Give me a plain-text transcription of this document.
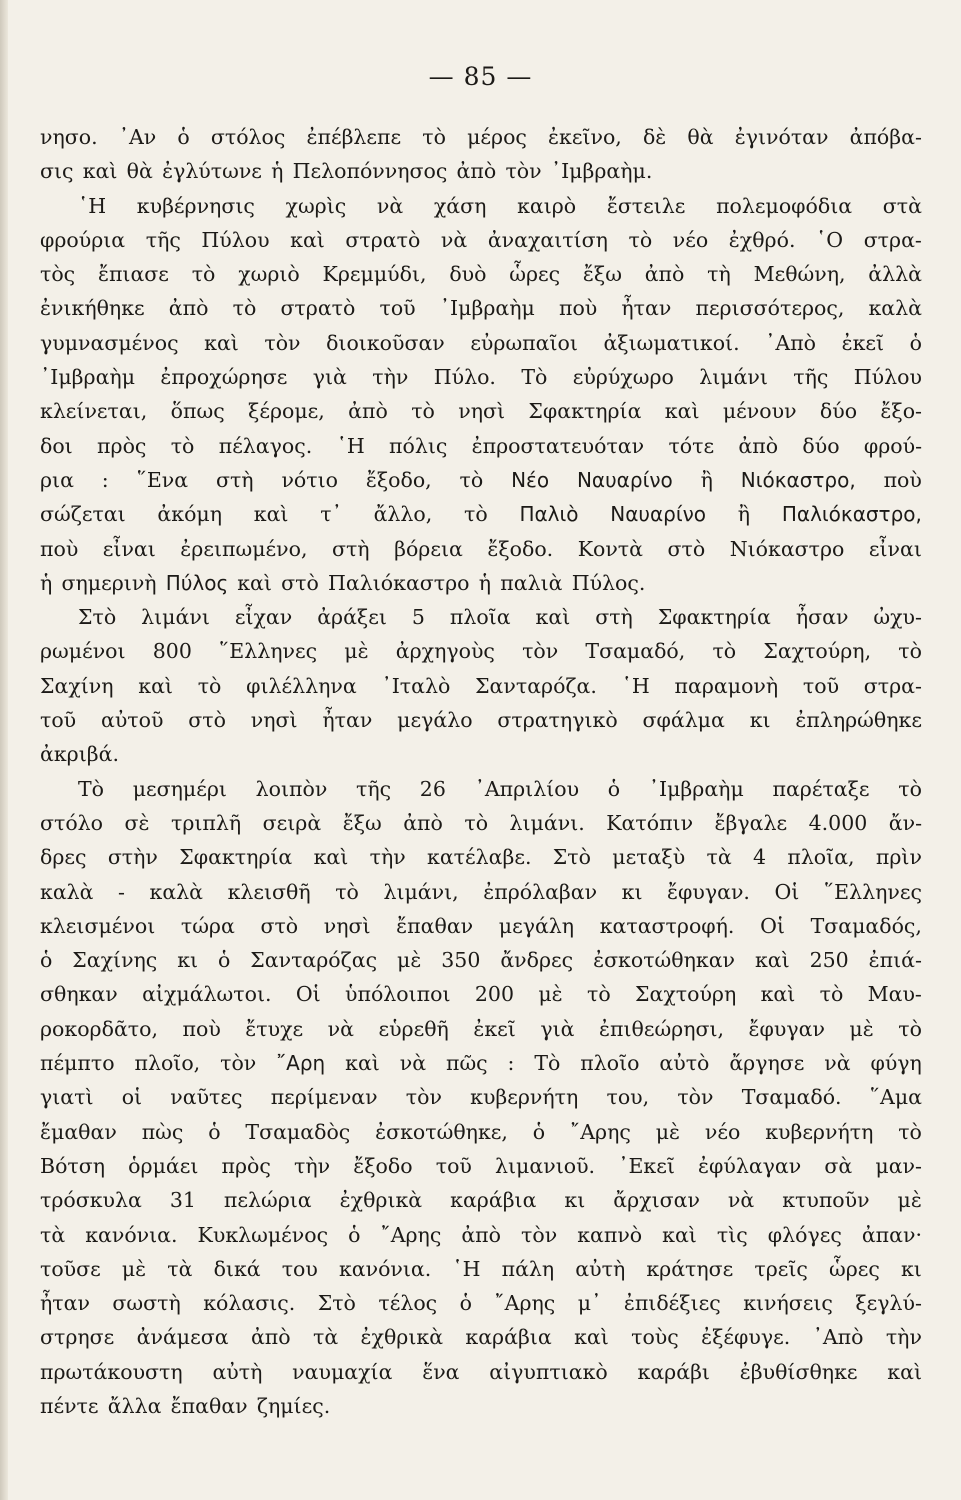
— 85 —

νησο. ᾿Αν ὁ στόλος ἐπέβλεπε τὸ μέρος ἐκεῖνο, δὲ θὰ ἐγινόταν ἀπόβα-

σις καὶ θὰ ἐγλύτωνε ἡ Πελοπόννησος ἀπὸ τὸν ᾿Ιμβραὴμ.

῾Η κυβέρνησις χωρὶς νὰ χάση καιρὸ ἔστειλε πολεμοφόδια στὰ

φρούρια τῆς Πύλου καὶ στρατὸ νὰ ἀναχαιτίση τὸ νέο ἐχθρό. ῾Ο στρα-

τὸς ἔπιασε τὸ χωριὸ Κρεμμύδι, δυὸ ὧρες ἔξω ἀπὸ τὴ Μεθώνη, ἀλλὰ

ἐνικήθηκε ἀπὸ τὸ στρατὸ τοῦ ᾿Ιμβραὴμ ποὺ ἦταν περισσότερος, καλὰ

γυμνασμένος καὶ τὸν διοικοῦσαν εὐρωπαῖοι ἀξιωματικοί. ᾿Απὸ ἐκεῖ ὁ

᾿Ιμβραὴμ ἐπροχώρησε γιὰ τὴν Πύλο. Τὸ εὐρύχωρο λιμάνι τῆς Πύλου

κλείνεται, ὅπως ξέρομε, ἀπὸ τὸ νησὶ Σφακτηρία καὶ μένουν δύο ἔξο-

δοι πρὸς τὸ πέλαγος. ῾Η πόλις ἐπροστατευόταν τότε ἀπὸ δύο φρού-

ρια : ῞Ενα στὴ νότιο ἔξοδο, τὸ Νέο Ναυαρίνο ἢ Νιόκαστρο, ποὺ

σώζεται ἀκόμη καὶ τ᾿ ἄλλο, τὸ Παλιὸ Ναυαρίνο ἢ Παλιόκαστρο,

ποὺ εἶναι ἐρειπωμένο, στὴ βόρεια ἔξοδο. Κοντὰ στὸ Νιόκαστρο εἶναι

ἡ σημερινὴ Πύλος καὶ στὸ Παλιόκαστρο ἡ παλιὰ Πύλος.

Στὸ λιμάνι εἶχαν ἀράξει 5 πλοῖα καὶ στὴ Σφακτηρία ἦσαν ὠχυ-

ρωμένοι 800 ῞Ελληνες μὲ ἀρχηγοὺς τὸν Τσαμαδό, τὸ Σαχτούρη, τὸ

Σαχίνη καὶ τὸ φιλέλληνα ᾿Ιταλὸ Σανταρόζα. ῾Η παραμονὴ τοῦ στρα-

τοῦ αὐτοῦ στὸ νησὶ ἦταν μεγάλο στρατηγικὸ σφάλμα κι ἐπληρώθηκε

ἀκριβά.

Τὸ μεσημέρι λοιπὸν τῆς 26 ᾿Απριλίου ὁ ᾿Ιμβραὴμ παρέταξε τὸ

στόλο σὲ τριπλῆ σειρὰ ἔξω ἀπὸ τὸ λιμάνι. Κατόπιν ἔβγαλε 4.000 ἄν-

δρες στὴν Σφακτηρία καὶ τὴν κατέλαβε. Στὸ μεταξὺ τὰ 4 πλοῖα, πρὶν

καλὰ - καλὰ κλεισθῆ τὸ λιμάνι, ἐπρόλαβαν κι ἔφυγαν. Οἱ ῞Ελληνες

κλεισμένοι τώρα στὸ νησὶ ἔπαθαν μεγάλη καταστροφή. Οἱ Τσαμαδός,

ὁ Σαχίνης κι ὁ Σανταρόζας μὲ 350 ἄνδρες ἐσκοτώθηκαν καὶ 250 ἐπιά-

σθηκαν αἰχμάλωτοι. Οἱ ὑπόλοιποι 200 μὲ τὸ Σαχτούρη καὶ τὸ Μαυ-

ροκορδᾶτο, ποὺ ἔτυχε νὰ εὑρεθῆ ἐκεῖ γιὰ ἐπιθεώρησι, ἔφυγαν μὲ τὸ

πέμπτο πλοῖο, τὸν ῎Αρη καὶ νὰ πῶς : Τὸ πλοῖο αὐτὸ ἄργησε νὰ φύγη

γιατὶ οἱ ναῦτες περίμεναν τὸν κυβερνήτη του, τὸν Τσαμαδό. ῞Αμα

ἔμαθαν πὼς ὁ Τσαμαδὸς ἐσκοτώθηκε, ὁ ῎Αρης μὲ νέο κυβερνήτη τὸ

Βότση ὁρμάει πρὸς τὴν ἔξοδο τοῦ λιμανιοῦ. ᾿Εκεῖ ἐφύλαγαν σὰ μαν-

τρόσκυλα 31 πελώρια ἐχθρικὰ καράβια κι ἄρχισαν νὰ κτυποῦν μὲ

τὰ κανόνια. Κυκλωμένος ὁ ῎Αρης ἀπὸ τὸν καπνὸ καὶ τὶς φλόγες ἀπαν·

τοῦσε μὲ τὰ δικά του κανόνια. ῾Η πάλη αὐτὴ κράτησε τρεῖς ὧρες κι

ἦταν σωστὴ κόλασις. Στὸ τέλος ὁ ῎Αρης μ᾿ ἐπιδέξιες κινήσεις ξεγλύ-

στρησε ἀνάμεσα ἀπὸ τὰ ἐχθρικὰ καράβια καὶ τοὺς ἐξέφυγε. ᾿Απὸ τὴν

πρωτάκουστη αὐτὴ ναυμαχία ἕνα αἰγυπτιακὸ καράβι ἐβυθίσθηκε καὶ

πέντε ἄλλα ἔπαθαν ζημίες.
